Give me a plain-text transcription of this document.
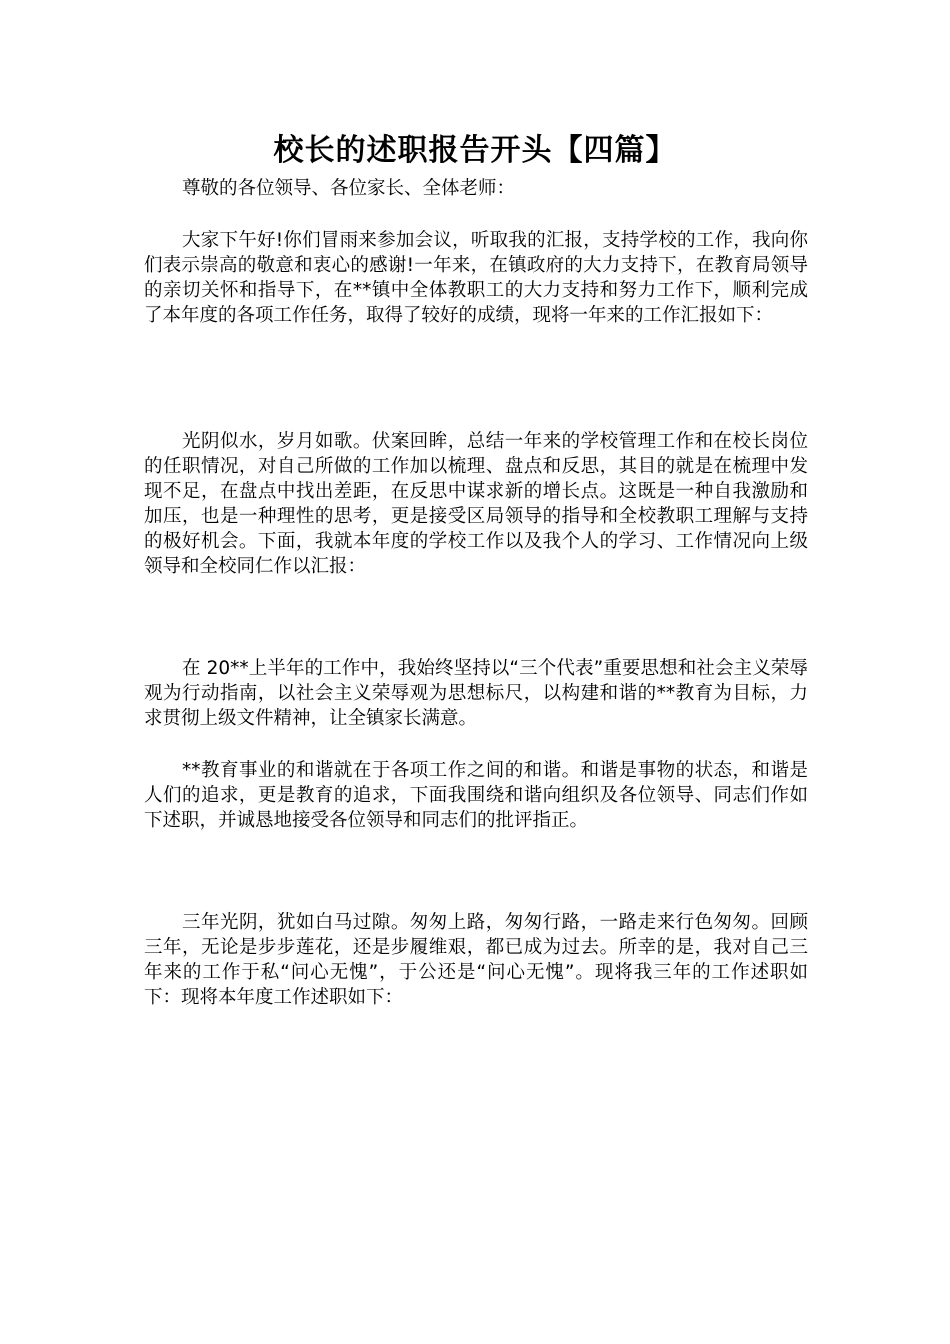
校长的述职报告开头【四篇】
尊敬的各位领导、各位家长、全体老师：
大家下午好!你们冒雨来参加会议，听取我的汇报，支持学校的工作，我向你们表示崇高的敬意和衷心的感谢!一年来，在镇政府的大力支持下，在教育局领导的亲切关怀和指导下，在**镇中全体教职工的大力支持和努力工作下，顺利完成了本年度的各项工作任务，取得了较好的成绩，现将一年来的工作汇报如下：
光阴似水，岁月如歌。伏案回眸，总结一年来的学校管理工作和在校长岗位的任职情况，对自己所做的工作加以梳理、盘点和反思，其目的就是在梳理中发现不足，在盘点中找出差距，在反思中谋求新的增长点。这既是一种自我激励和加压，也是一种理性的思考，更是接受区局领导的指导和全校教职工理解与支持的极好机会。下面，我就本年度的学校工作以及我个人的学习、工作情况向上级领导和全校同仁作以汇报：
在 20**上半年的工作中，我始终坚持以“三个代表”重要思想和社会主义荣辱观为行动指南，以社会主义荣辱观为思想标尺，以构建和谐的**教育为目标，力求贯彻上级文件精神，让全镇家长满意。
**教育事业的和谐就在于各项工作之间的和谐。和谐是事物的状态，和谐是人们的追求，更是教育的追求，下面我围绕和谐向组织及各位领导、同志们作如下述职，并诚恳地接受各位领导和同志们的批评指正。
三年光阴，犹如白马过隙。匆匆上路，匆匆行路，一路走来行色匆匆。回顾三年，无论是步步莲花，还是步履维艰，都已成为过去。所幸的是，我对自己三年来的工作于私“问心无愧”，于公还是“问心无愧”。现将我三年的工作述职如下：现将本年度工作述职如下：
